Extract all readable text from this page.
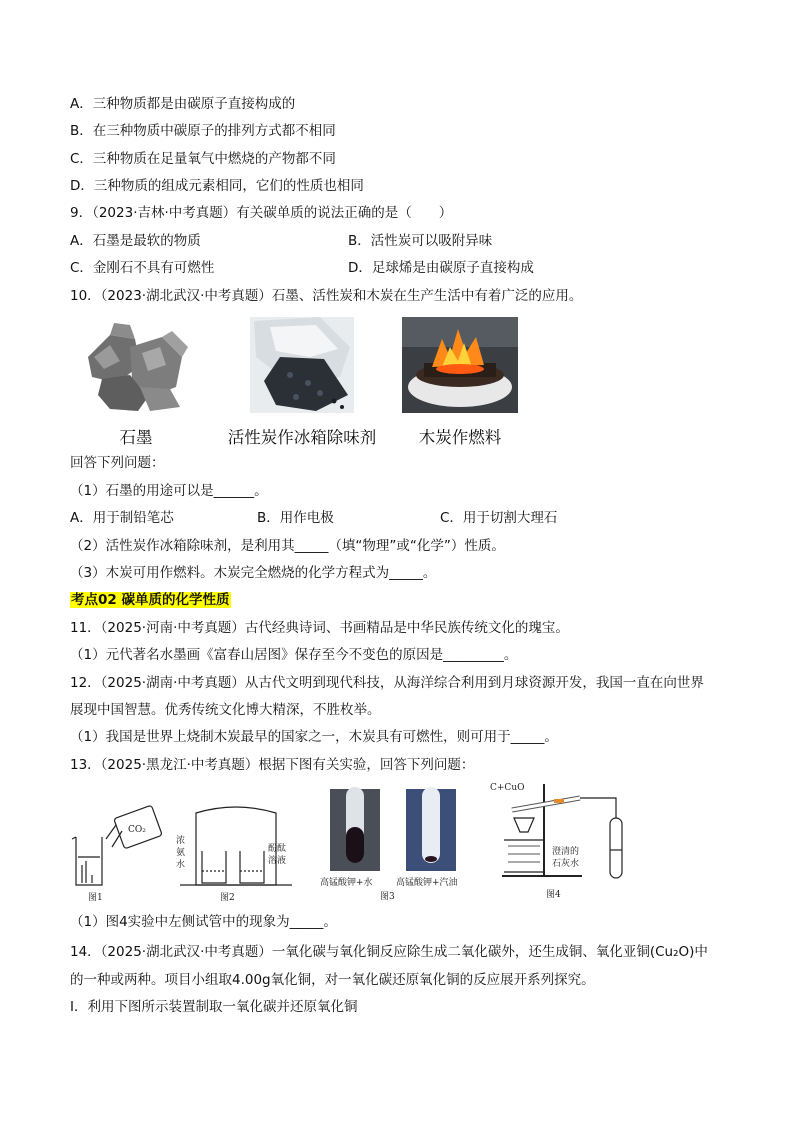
A．三种物质都是由碳原子直接构成的
B．在三种物质中碳原子的排列方式都不相同
C．三种物质在足量氧气中燃烧的产物都不同
D．三种物质的组成元素相同，它们的性质也相同
9．（2023·吉林·中考真题）有关碳单质的说法正确的是（　　）
A．石墨是最软的物质	B．活性炭可以吸附异味
C．金刚石不具有可燃性	D．足球烯是由碳原子直接构成
10．（2023·湖北武汉·中考真题）石墨、活性炭和木炭在生产生活中有着广泛的应用。
石墨	活性炭作冰箱除味剂	木炭作燃料
回答下列问题：
（1）石墨的用途可以是______。
A．用于制铅笔芯	B．用作电极	C．用于切割大理石
（2）活性炭作冰箱除味剂，是利用其_____（填“物理”或“化学”）性质。
（3）木炭可用作燃料。木炭完全燃烧的化学方程式为_____。
考点02 碳单质的化学性质
11．（2025·河南·中考真题）古代经典诗词、书画精品是中华民族传统文化的瑰宝。
（1）元代著名水墨画《富春山居图》保存至今不变色的原因是_________。
12．（2025·湖南·中考真题）从古代文明到现代科技，从海洋综合利用到月球资源开发，我国一直在向世界
展现中国智慧。优秀传统文化博大精深，不胜枚举。
（1）我国是世界上烧制木炭最早的国家之一，木炭具有可燃性，则可用于_____。
13．（2025·黑龙江·中考真题）根据下图有关实验，回答下列问题：
CO₂
图1
浓
氨
水
酚酞
溶液
图2
高锰酸钾+水	高锰酸钾+汽油
图3
C+CuO
澄清的
石灰水
图4
（1）图4实验中左侧试管中的现象为_____。
14．（2025·湖北武汉·中考真题）一氧化碳与氧化铜反应除生成二氧化碳外，还生成铜、氧化亚铜(Cu₂O)中
的一种或两种。项目小组取4.00g氧化铜，对一氧化碳还原氧化铜的反应展开系列探究。
Ⅰ．利用下图所示装置制取一氧化碳并还原氧化铜
